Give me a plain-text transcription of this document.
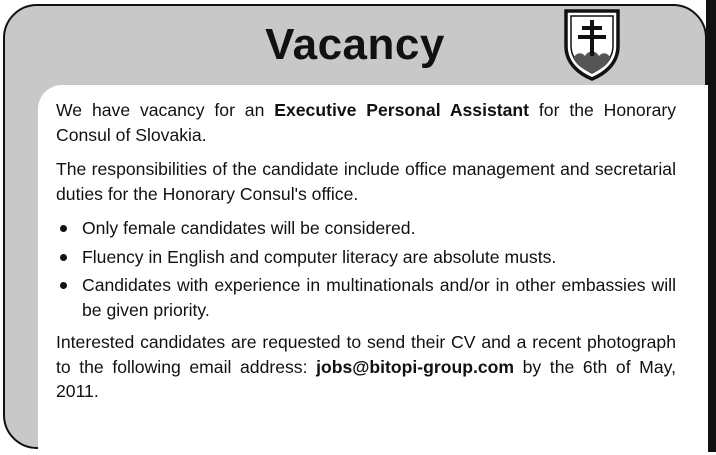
Vacancy

We have vacancy for an Executive Personal Assistant for the Honorary Consul of Slovakia.

The responsibilities of the candidate include office management and secretarial duties for the Honorary Consul's office.

Only female candidates will be considered.
Fluency in English and computer literacy are absolute musts.
Candidates with experience in multinationals and/or in other embassies will be given priority.

Interested candidates are requested to send their CV and a recent photograph to the following email address: jobs@bitopi-group.com by the 6th of May, 2011.
